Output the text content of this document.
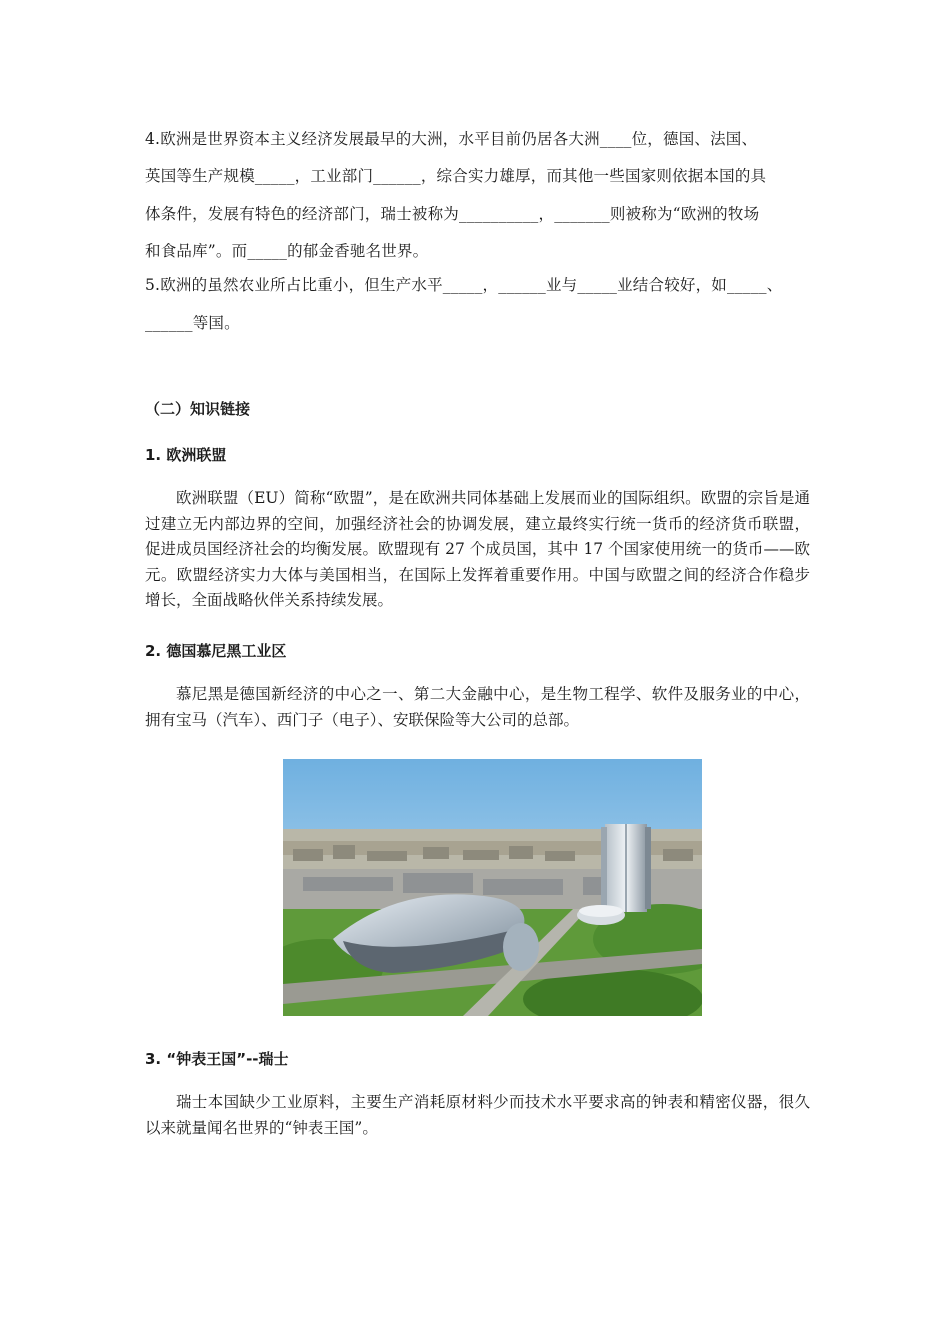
4.欧洲是世界资本主义经济发展最早的大洲，水平目前仍居各大洲____位，德国、法国、
英国等生产规模_____，工业部门______，综合实力雄厚，而其他一些国家则依据本国的具
体条件，发展有特色的经济部门，瑞士被称为__________，_______则被称为“欧洲的牧场
和食品库”。而_____的郁金香驰名世界。
5.欧洲的虽然农业所占比重小，但生产水平_____，______业与_____业结合较好，如_____、
______等国。
（二）知识链接
1. 欧洲联盟

欧洲联盟（EU）简称“欧盟”，是在欧洲共同体基础上发展而业的国际组织。欧盟的宗旨是通过建立无内部边界的空间，加强经济社会的协调发展，建立最终实行统一货币的经济货币联盟，促进成员国经济社会的均衡发展。欧盟现有 27 个成员国，其中 17 个国家使用统一的货币——欧元。欧盟经济实力大体与美国相当，在国际上发挥着重要作用。中国与欧盟之间的经济合作稳步增长，全面战略伙伴关系持续发展。

2. 德国慕尼黑工业区

慕尼黑是德国新经济的中心之一、第二大金融中心，是生物工程学、软件及服务业的中心，拥有宝马（汽车）、西门子（电子）、安联保险等大公司的总部。

3. “钟表王国”--瑞士

瑞士本国缺少工业原料，主要生产消耗原材料少而技术水平要求高的钟表和精密仪器，很久以来就量闻名世界的“钟表王国”。
